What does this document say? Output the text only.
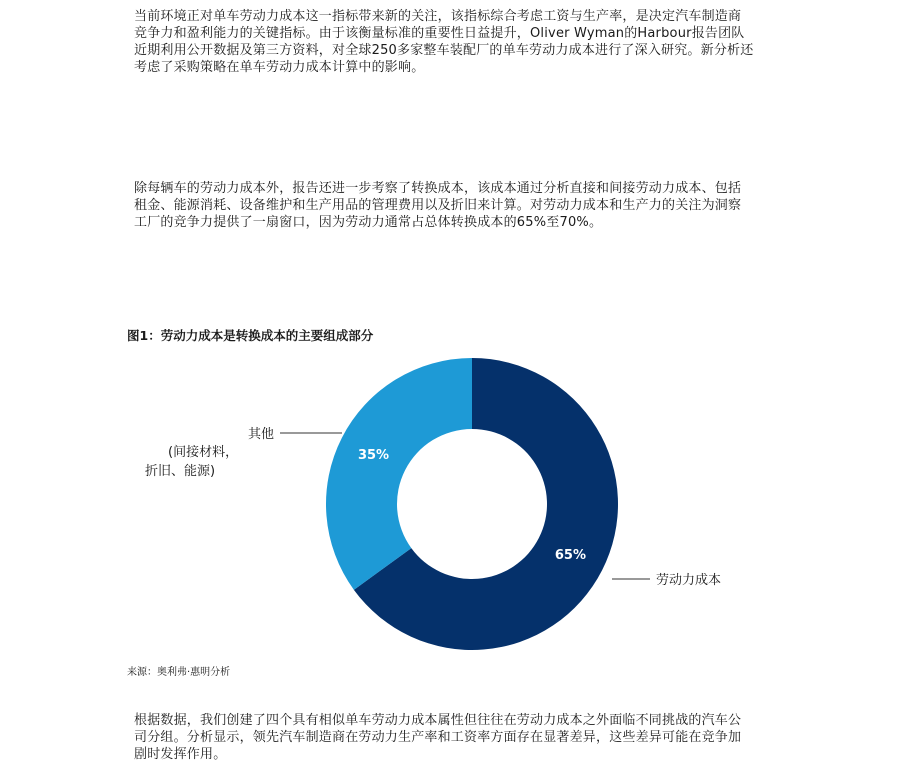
当前环境正对单车劳动力成本这一指标带来新的关注，该指标综合考虑工资与生产率，是决定汽车制造商竞争力和盈利能力的关键指标。由于该衡量标准的重要性日益提升，Oliver Wyman的Harbour报告团队近期利用公开数据及第三方资料，对全球250多家整车装配厂的单车劳动力成本进行了深入研究。新分析还考虑了采购策略在单车劳动力成本计算中的影响。

除每辆车的劳动力成本外，报告还进一步考察了转换成本，该成本通过分析直接和间接劳动力成本、包括租金、能源消耗、设备维护和生产用品的管理费用以及折旧来计算。对劳动力成本和生产力的关注为洞察工厂的竞争力提供了一扇窗口，因为劳动力通常占总体转换成本的65%至70%。

图1：劳动力成本是转换成本的主要组成部分

65%
35%
劳动力成本
其他
(间接材料，
折旧、能源)
来源：奥利弗·惠明分析

根据数据，我们创建了四个具有相似单车劳动力成本属性但往往在劳动力成本之外面临不同挑战的汽车公司分组。分析显示，领先汽车制造商在劳动力生产率和工资率方面存在显著差异，这些差异可能在竞争加剧时发挥作用。
